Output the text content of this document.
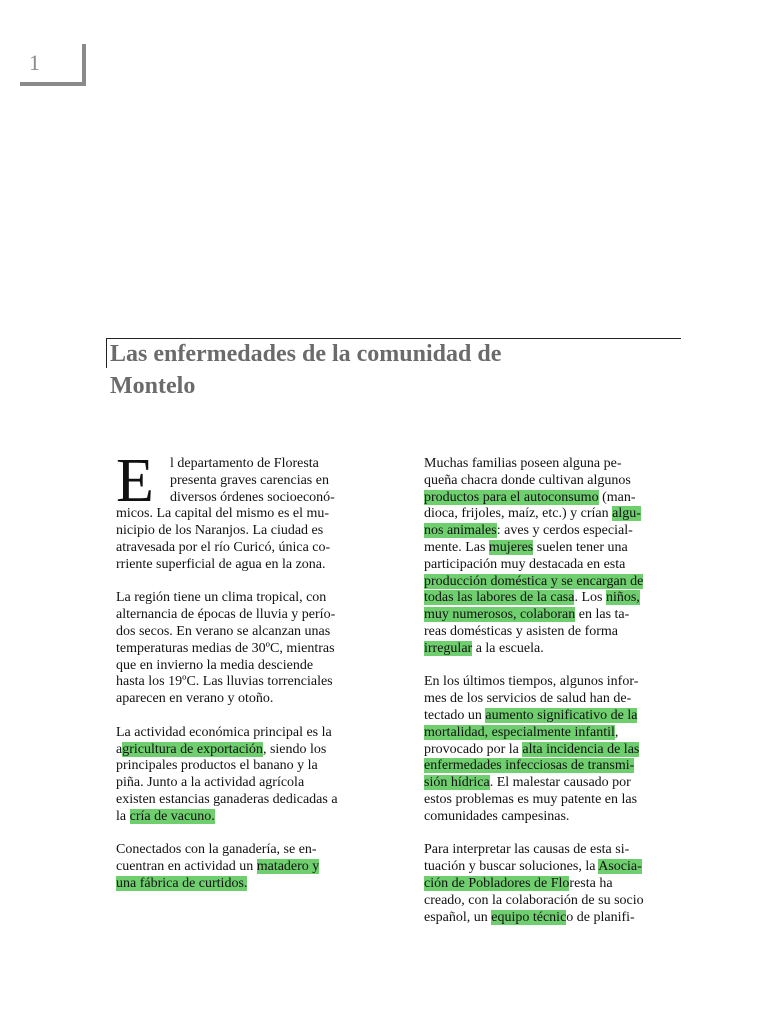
1
Las enfermedades de la comunidad de
Montelo
E	l departamento de Floresta
presenta graves carencias en
diversos órdenes socioeconó-
micos. La capital del mismo es el mu-
nicipio de los Naranjos. La ciudad es
atravesada por el río Curicó, única co-
rriente superficial de agua en la zona.
La región tiene un clima tropical, con
alternancia de épocas de lluvia y perío-
dos secos. En verano se alcanzan unas
temperaturas medias de 30ºC, mientras
que en invierno la media desciende
hasta los 19ºC. Las lluvias torrenciales
aparecen en verano y otoño.
La actividad económica principal es la
agricultura de exportación, siendo los
principales productos el banano y la
piña. Junto a la actividad agrícola
existen estancias ganaderas dedicadas a
la cría de vacuno.
Conectados con la ganadería, se en-
cuentran en actividad un matadero y
una fábrica de curtidos.
Muchas familias poseen alguna pe-
queña chacra donde cultivan algunos
productos para el autoconsumo (man-
dioca, frijoles, maíz, etc.) y crían algu-
nos animales: aves y cerdos especial-
mente. Las mujeres suelen tener una
participación muy destacada en esta
producción doméstica y se encargan de
todas las labores de la casa. Los niños,
muy numerosos, colaboran en las ta-
reas domésticas y asisten de forma
irregular a la escuela.
En los últimos tiempos, algunos infor-
mes de los servicios de salud han de-
tectado un aumento significativo de la
mortalidad, especialmente infantil,
provocado por la alta incidencia de las
enfermedades infecciosas de transmi-
sión hídrica. El malestar causado por
estos problemas es muy patente en las
comunidades campesinas.
Para interpretar las causas de esta si-
tuación y buscar soluciones, la Asocia-
ción de Pobladores de Floresta ha
creado, con la colaboración de su socio
español, un equipo técnico de planifi-
